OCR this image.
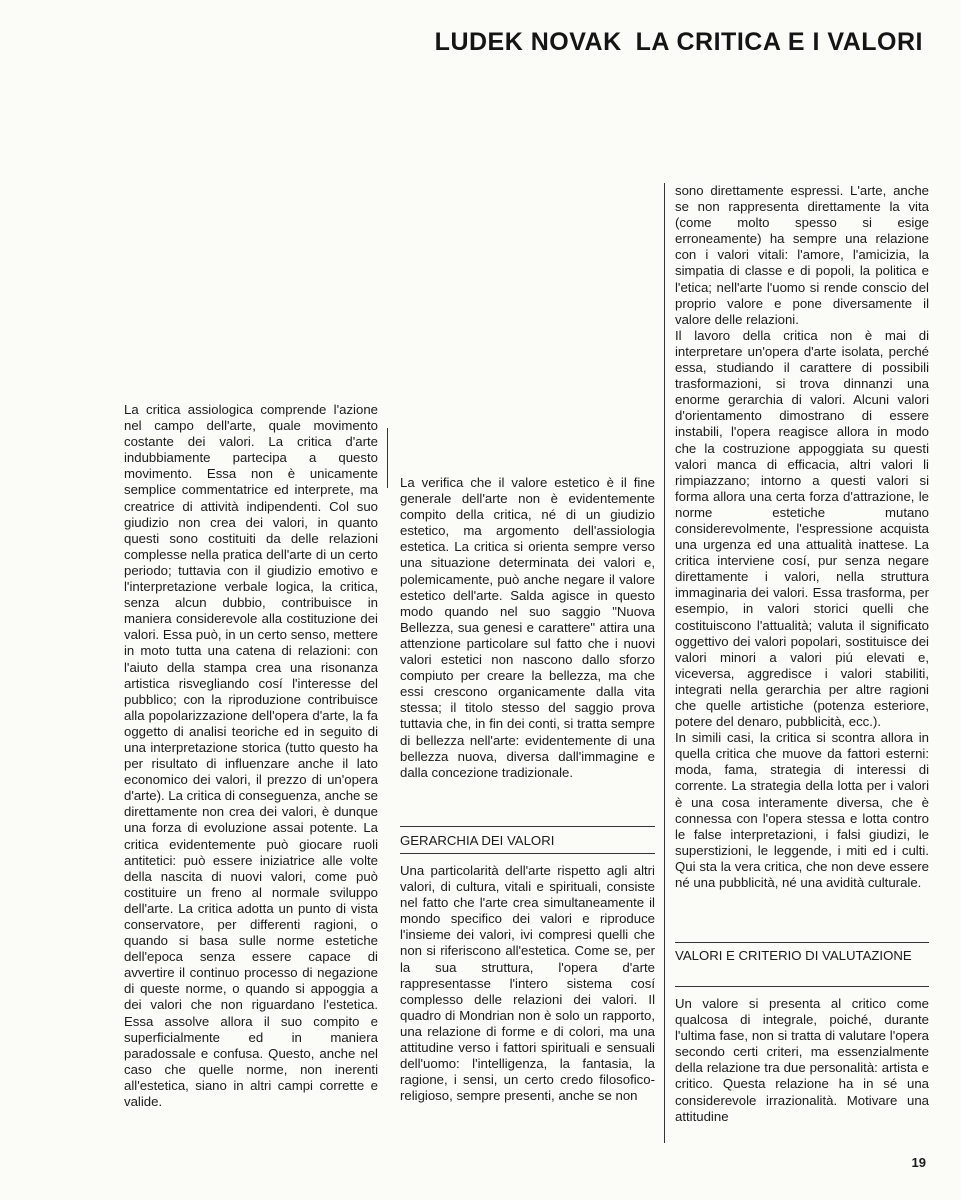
LUDEK NOVAK LA CRITICA E I VALORI

La critica assiologica comprende l'azione nel campo dell'arte, quale movimento costante dei valori. La critica d'arte indubbiamente partecipa a questo movimento. Essa non è unicamente semplice commentatrice ed interprete, ma creatrice di attività indipendenti. Col suo giudizio non crea dei valori, in quanto questi sono costituiti da delle relazioni complesse nella pratica dell'arte di un certo periodo; tuttavia con il giudizio emotivo e l'interpretazione verbale logica, la critica, senza alcun dubbio, contribuisce in maniera considerevole alla costituzione dei valori. Essa può, in un certo senso, mettere in moto tutta una catena di relazioni: con l'aiuto della stampa crea una risonanza artistica risvegliando cosí l'interesse del pubblico; con la riproduzione contribuisce alla popolarizzazione dell'opera d'arte, la fa oggetto di analisi teoriche ed in seguito di una interpretazione storica (tutto questo ha per risultato di influenzare anche il lato economico dei valori, il prezzo di un'opera d'arte). La critica di conseguenza, anche se direttamente non crea dei valori, è dunque una forza di evoluzione assai potente. La critica evidentemente può giocare ruoli antitetici: può essere iniziatrice alle volte della nascita di nuovi valori, come può costituire un freno al normale sviluppo dell'arte. La critica adotta un punto di vista conservatore, per differenti ragioni, o quando si basa sulle norme estetiche dell'epoca senza essere capace di avvertire il continuo processo di negazione di queste norme, o quando si appoggia a dei valori che non riguardano l'estetica. Essa assolve allora il suo compito e superficialmente ed in maniera paradossale e confusa. Questo, anche nel caso che quelle norme, non inerenti all'estetica, siano in altri campi corrette e valide.

La verifica che il valore estetico è il fine generale dell'arte non è evidentemente compito della critica, né di un giudizio estetico, ma argomento dell'assiologia estetica. La critica si orienta sempre verso una situazione determinata dei valori e, polemicamente, può anche negare il valore estetico dell'arte. Salda agisce in questo modo quando nel suo saggio "Nuova Bellezza, sua genesi e carattere" attira una attenzione particolare sul fatto che i nuovi valori estetici non nascono dallo sforzo compiuto per creare la bellezza, ma che essi crescono organicamente dalla vita stessa; il titolo stesso del saggio prova tuttavia che, in fin dei conti, si tratta sempre di bellezza nell'arte: evidentemente di una bellezza nuova, diversa dall'immagine e dalla concezione tradizionale.

GERARCHIA DEI VALORI

Una particolarità dell'arte rispetto agli altri valori, di cultura, vitali e spirituali, consiste nel fatto che l'arte crea simultaneamente il mondo specifico dei valori e riproduce l'insieme dei valori, ivi compresi quelli che non si riferiscono all'estetica. Come se, per la sua struttura, l'opera d'arte rappresentasse l'intero sistema cosí complesso delle relazioni dei valori. Il quadro di Mondrian non è solo un rapporto, una relazione di forme e di colori, ma una attitudine verso i fattori spirituali e sensuali dell'uomo: l'intelligenza, la fantasia, la ragione, i sensi, un certo credo filosofico-religioso, sempre presenti, anche se non

sono direttamente espressi. L'arte, anche se non rappresenta direttamente la vita (come molto spesso si esige erroneamente) ha sempre una relazione con i valori vitali: l'amore, l'amicizia, la simpatia di classe e di popoli, la politica e l'etica; nell'arte l'uomo si rende conscio del proprio valore e pone diversamente il valore delle relazioni.

Il lavoro della critica non è mai di interpretare un'opera d'arte isolata, perché essa, studiando il carattere di possibili trasformazioni, si trova dinnanzi una enorme gerarchia di valori. Alcuni valori d'orientamento dimostrano di essere instabili, l'opera reagisce allora in modo che la costruzione appoggiata su questi valori manca di efficacia, altri valori li rimpiazzano; intorno a questi valori si forma allora una certa forza d'attrazione, le norme estetiche mutano considerevolmente, l'espressione acquista una urgenza ed una attualità inattese. La critica interviene cosí, pur senza negare direttamente i valori, nella struttura immaginaria dei valori. Essa trasforma, per esempio, in valori storici quelli che costituiscono l'attualità; valuta il significato oggettivo dei valori popolari, sostituisce dei valori minori a valori piú elevati e, viceversa, aggredisce i valori stabiliti, integrati nella gerarchia per altre ragioni che quelle artistiche (potenza esteriore, potere del denaro, pubblicità, ecc.).

In simili casi, la critica si scontra allora in quella critica che muove da fattori esterni: moda, fama, strategia di interessi di corrente. La strategia della lotta per i valori è una cosa interamente diversa, che è connessa con l'opera stessa e lotta contro le false interpretazioni, i falsi giudizi, le superstizioni, le leggende, i miti ed i culti. Qui sta la vera critica, che non deve essere né una pubblicità, né una avidità culturale.

VALORI E CRITERIO DI VALUTAZIONE

Un valore si presenta al critico come qualcosa di integrale, poiché, durante l'ultima fase, non si tratta di valutare l'opera secondo certi criteri, ma essenzialmente della relazione tra due personalità: artista e critico. Questa relazione ha in sé una considerevole irrazionalità. Motivare una attitudine

19
